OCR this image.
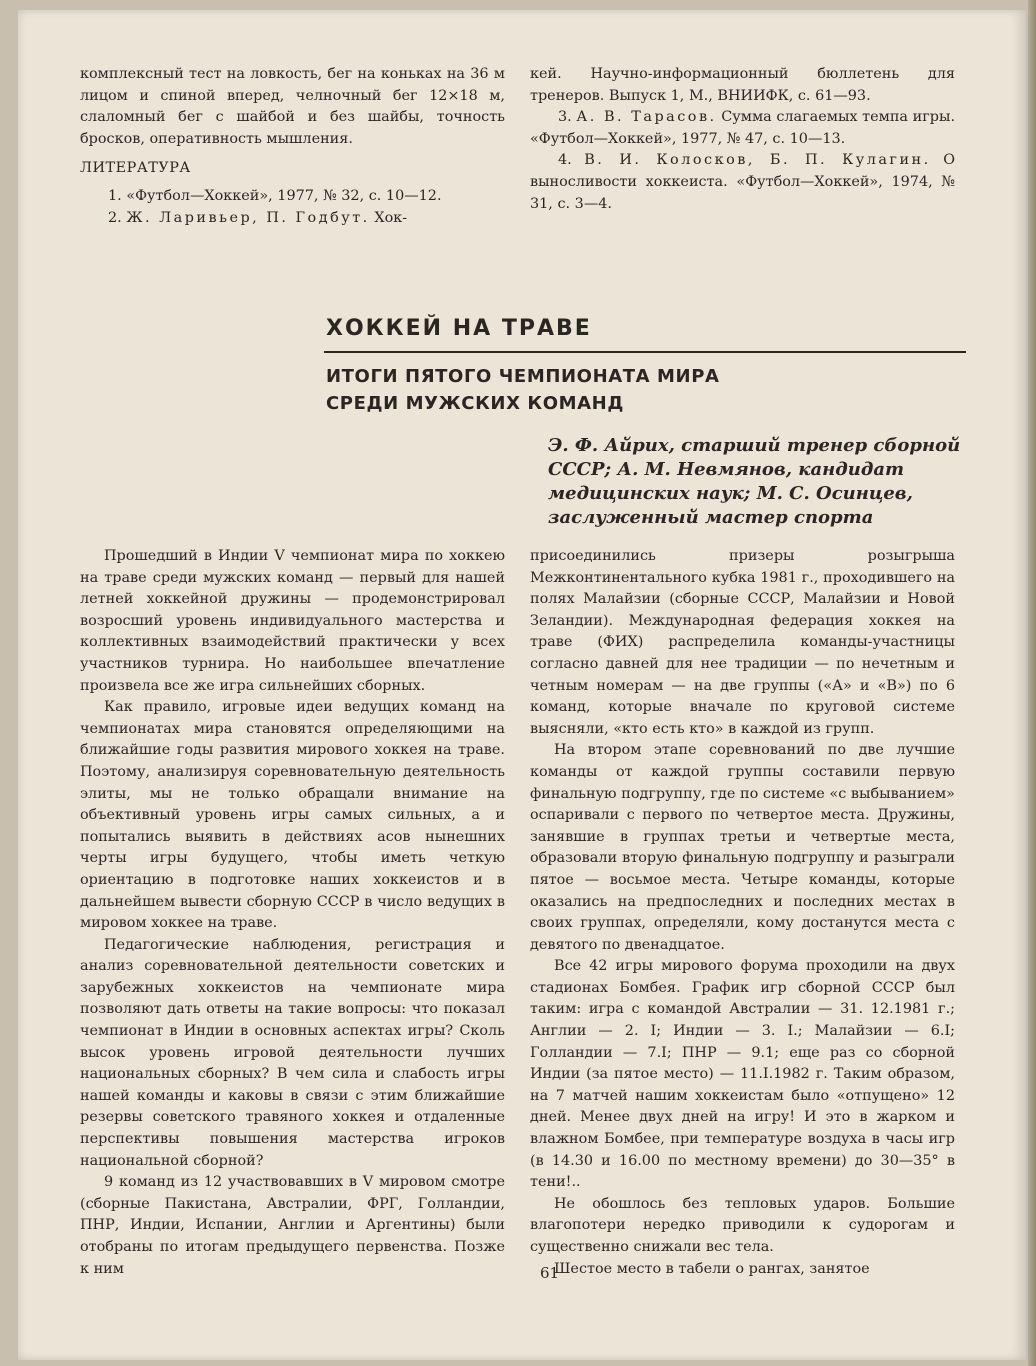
комплексный тест на ловкость, бег на коньках на 36 м лицом и спиной вперед, челночный бег 12×18 м, слаломный бег с шайбой и без шайбы, точность бросков, оперативность мышления.

ЛИТЕРАТУРА

1. «Футбол—Хоккей», 1977, № 32, с. 10—12.

2. Ж. Ларивьер, П. Годбут. Хок-

кей. Научно-информационный бюллетень для тренеров. Выпуск 1, М., ВНИИФК, с. 61—93.

3. А. В. Тарасов. Сумма слагаемых темпа игры. «Футбол—Хоккей», 1977, № 47, с. 10—13.

4. В. И. Колосков, Б. П. Кулагин. О выносливости хоккеиста. «Футбол—Хоккей», 1974, № 31, с. 3—4.

ХОККЕЙ НА ТРАВЕ
ИТОГИ ПЯТОГО ЧЕМПИОНАТА МИРА
СРЕДИ МУЖСКИХ КОМАНД
Э. Ф. Айрих, старший тренер сборной СССР; А. М. Невмянов, кандидат медицинских наук; М. С. Осинцев, заслуженный мастер спорта

Прошедший в Индии V чемпионат мира по хоккею на траве среди мужских команд — первый для нашей летней хоккейной дружины — продемонстрировал возросший уровень индивидуального мастерства и коллективных взаимодействий практически у всех участников турнира. Но наибольшее впечатление произвела все же игра сильнейших сборных.

Как правило, игровые идеи ведущих команд на чемпионатах мира становятся определяющими на ближайшие годы развития мирового хоккея на траве. Поэтому, анализируя соревновательную деятельность элиты, мы не только обращали внимание на объективный уровень игры самых сильных, а и попытались выявить в действиях асов нынешних черты игры будущего, чтобы иметь четкую ориентацию в подготовке наших хоккеистов и в дальнейшем вывести сборную СССР в число ведущих в мировом хоккее на траве.

Педагогические наблюдения, регистрация и анализ соревновательной деятельности советских и зарубежных хоккеистов на чемпионате мира позволяют дать ответы на такие вопросы: что показал чемпионат в Индии в основных аспектах игры? Сколь высок уровень игровой деятельности лучших национальных сборных? В чем сила и слабость игры нашей команды и каковы в связи с этим ближайшие резервы советского травяного хоккея и отдаленные перспективы повышения мастерства игроков национальной сборной?

9 команд из 12 участвовавших в V мировом смотре (сборные Пакистана, Австралии, ФРГ, Голландии, ПНР, Индии, Испании, Англии и Аргентины) были отобраны по итогам предыдущего первенства. Позже к ним

присоединились призеры розыгрыша Межконтинентального кубка 1981 г., проходившего на полях Малайзии (сборные СССР, Малайзии и Новой Зеландии). Международная федерация хоккея на траве (ФИХ) распределила команды-участницы согласно давней для нее традиции — по нечетным и четным номерам — на две группы («А» и «В») по 6 команд, которые вначале по круговой системе выясняли, «кто есть кто» в каждой из групп.

На втором этапе соревнований по две лучшие команды от каждой группы составили первую финальную подгруппу, где по системе «с выбыванием» оспаривали с первого по четвертое места. Дружины, занявшие в группах третьи и четвертые места, образовали вторую финальную подгруппу и разыграли пятое — восьмое места. Четыре команды, которые оказались на предпоследних и последних местах в своих группах, определяли, кому достанутся места с девятого по двенадцатое.

Все 42 игры мирового форума проходили на двух стадионах Бомбея. График игр сборной СССР был таким: игра с командой Австралии — 31. 12.1981 г.; Англии — 2. I; Индии — 3. I.; Малайзии — 6.I; Голландии — 7.I; ПНР — 9.1; еще раз со сборной Индии (за пятое место) — 11.I.1982 г. Таким образом, на 7 матчей нашим хоккеистам было «отпущено» 12 дней. Менее двух дней на игру! И это в жарком и влажном Бомбее, при температуре воздуха в часы игр (в 14.30 и 16.00 по местному времени) до 30—35° в тени!..

Не обошлось без тепловых ударов. Большие влагопотери нередко приводили к судорогам и существенно снижали вес тела.

Шестое место в табели о рангах, занятое

61
